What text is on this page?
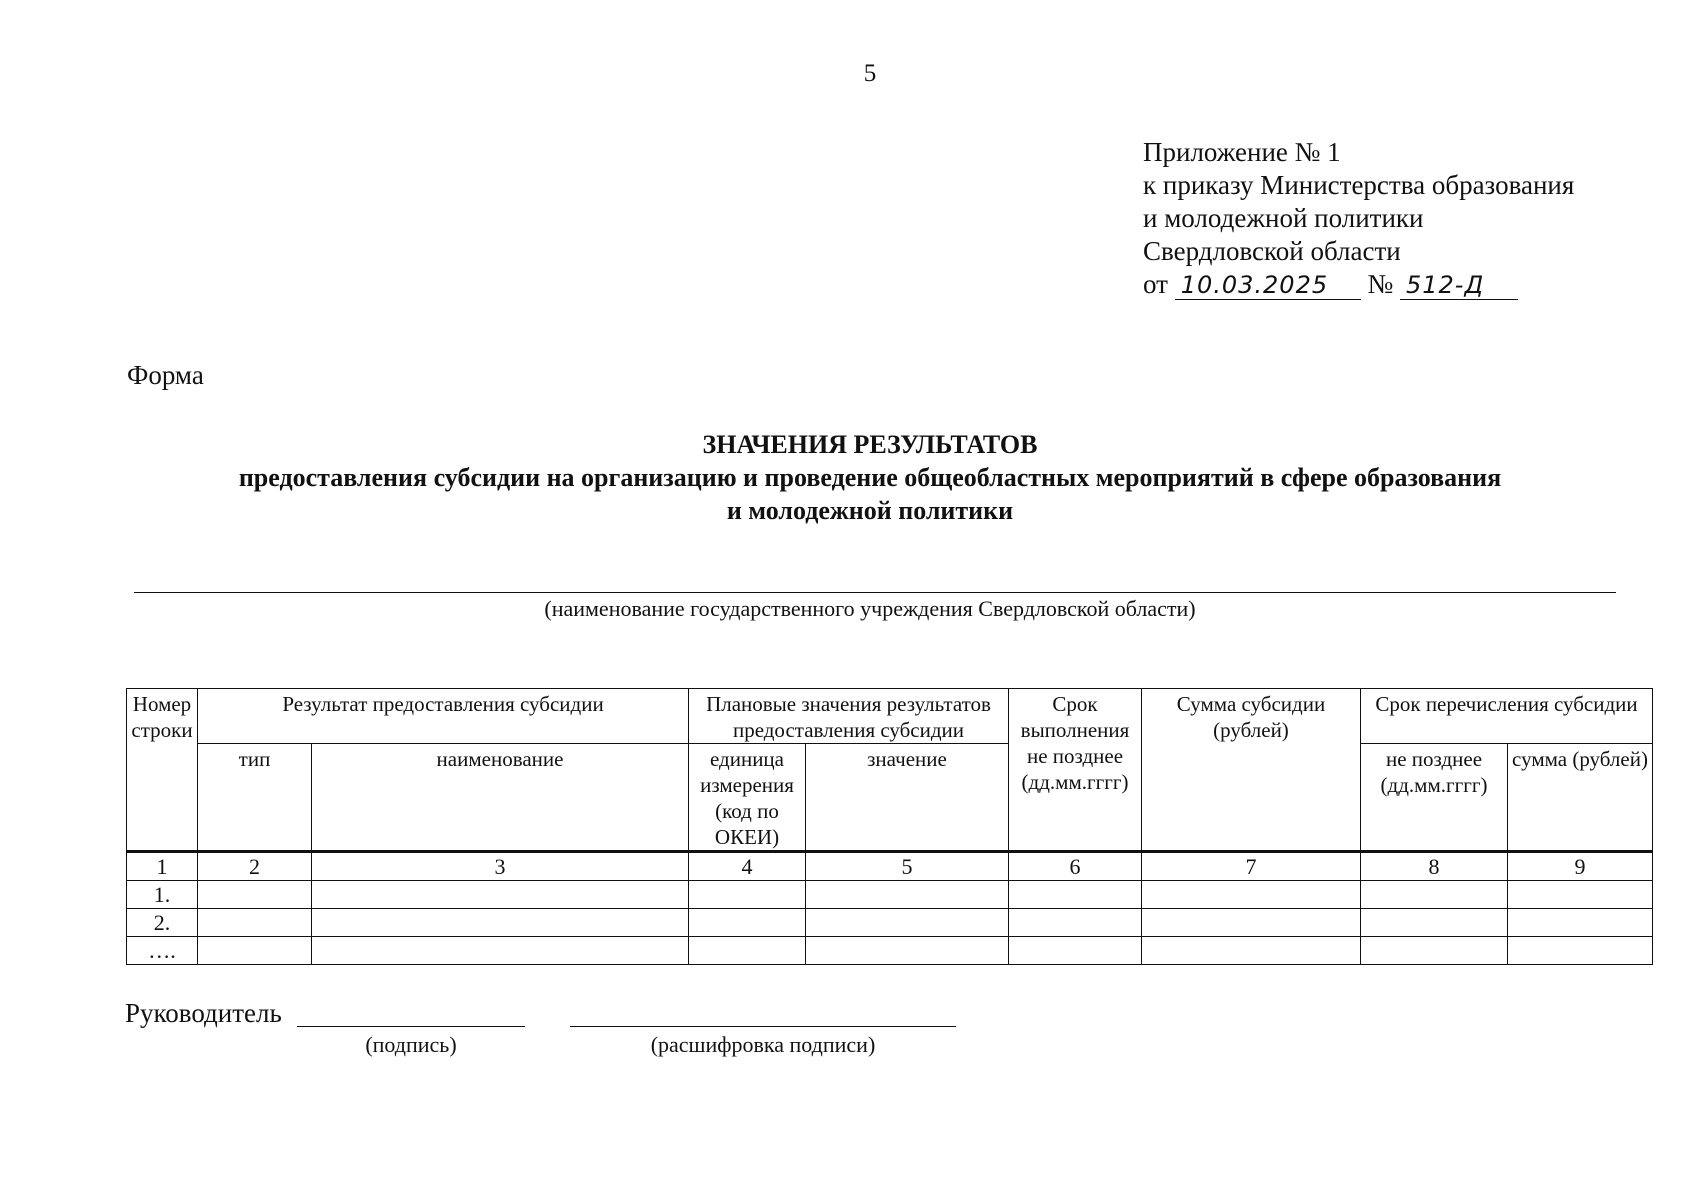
5
Приложение № 1
к приказу Министерства образования
и молодежной политики
Свердловской области
от 10.03.2025 № 512-Д
Форма
ЗНАЧЕНИЯ РЕЗУЛЬТАТОВ
предоставления субсидии на организацию и проведение общеобластных мероприятий в сфере образования
и молодежной политики
(наименование государственного учреждения Свердловской области)
Номер строки	Результат предоставления субсидии		Плановые значения результатов предоставления субсидии		Срок выполнения не позднее (дд.мм.гггг)	Сумма субсидии (рублей)	Срок перечисления субсидии	
	тип	наименование	единица измерения (код по ОКЕИ)	значение			не позднее (дд.мм.гггг)	сумма (рублей)
1	2	3	4	5	6	7	8	9
1.								
2.								
….								
Руководитель
(подпись)	(расшифровка подписи)
